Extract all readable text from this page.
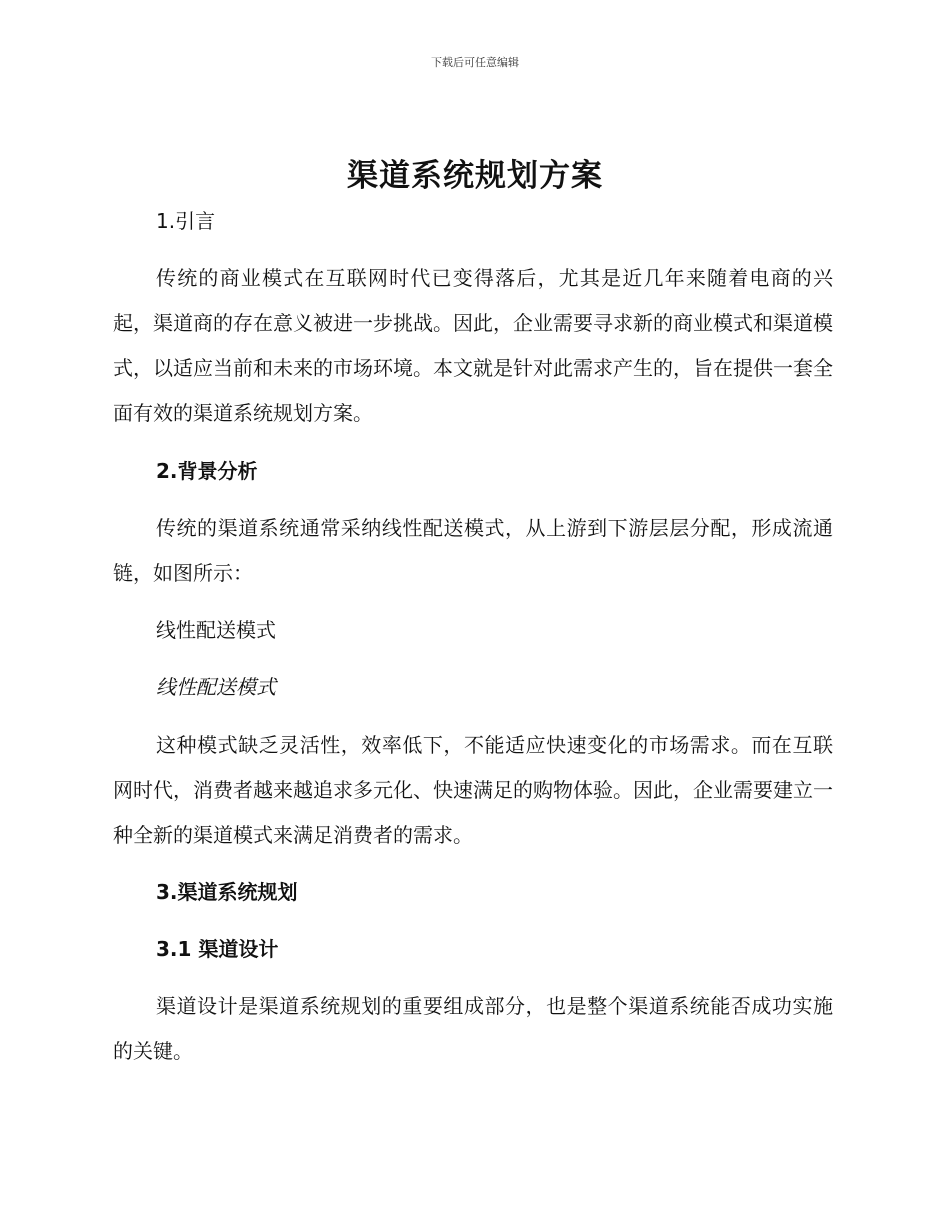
下载后可任意编辑
渠道系统规划方案
1.引言
传统的商业模式在互联网时代已变得落后，尤其是近几年来随着电商的兴起，渠道商的存在意义被进一步挑战。因此，企业需要寻求新的商业模式和渠道模式，以适应当前和未来的市场环境。本文就是针对此需求产生的，旨在提供一套全面有效的渠道系统规划方案。
2.背景分析
传统的渠道系统通常采纳线性配送模式，从上游到下游层层分配，形成流通链，如图所示：
线性配送模式
线性配送模式
这种模式缺乏灵活性，效率低下，不能适应快速变化的市场需求。而在互联网时代，消费者越来越追求多元化、快速满足的购物体验。因此，企业需要建立一种全新的渠道模式来满足消费者的需求。
3.渠道系统规划
3.1 渠道设计
渠道设计是渠道系统规划的重要组成部分，也是整个渠道系统能否成功实施的关键。
